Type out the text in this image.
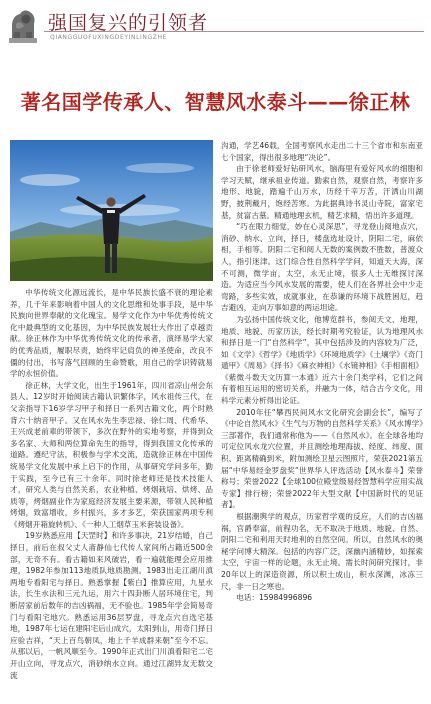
强国复兴的引领者
QIANGGUOFUXINGDEYINLINGZHE
著名国学传承人、智慧风水泰斗——徐正林

中华传统文化源远流长，是中华民族长盛不衰的理论素养，几千年来影响着中国人的文化思维和处事手段，是中华民族向世界奉献的文化瑰宝。易学文化作为中华优秀传统文化中最典型的文化基因，为中华民族发展壮大作出了卓越贡献。徐正林作为中华优秀传统文化的传承者，演绎易学大家的优秀品质，履职尽责，始终牢记肩负的神圣使命，改良不僵的付出，书写落气回顾的生命赞歌，用自己的学识铸就易学的永恒价值。

徐正林，大学文化，出生于1961年，四川省凉山州会东县人。12岁时开始阅读古籍认识繁体字，风水祖传三代，在父亲指导下16岁学习甲子和择日一系列古籍文化，两个时熟背六十纳音甲子。又在风水先生李忠禄、徐仁周、代希华、王兴成老前辈的带领下，多次在野外的实地考察，并得到众多名家、大师和两位算命先生的指导，得到我国文化传承的道路。遵纪守法，积极参与学术交流，造就徐正林在中国传统易学文化发展中承上启下的作用，从事研究学问多年，勤于实践，至今已有三十余年。同时徐老师还是技术技能人才，研究人类与自然关系，农业种植、烤烟栽培、烘烤、品质等，烤烟副业作为家庭经济发展主要来源，带领人民种植烤烟，致富增收，乡村振兴，多才多艺，荣获国家两项专利《烤烟开箱旋转机》、《一种人工烟草玉米套装设备》。

19岁熟悉应用【天罡时】和许多事决，21岁结婚，自己择日，前后在叔父丈人斋静仙七代传人家间所占籍近500余部，无奇不有。看古籍如来风破岩，看一遍就能理会应用推理，1982年参加113地质队地质勘测。1983出走江湖川滇两地专看阳宅与择日。熟悉掌握【紫白】推算应用，九星水法，长生水法和三元九运，用六十四卦断人居环境住宅，判断居家前后数年的吉凶祸福，无不验也。1985年学会简易奇门与看阳宅地穴。熟悉运用36层罗盘，寻龙点穴自选宅基地，1987年七运在建阳宅后山成穴，太阳到山，用奇门择日应验吉祥，“天上百鸟朝凤，地上千羊成群来朝”至今不忘。从那以后，一帆风顺至今。1990年正式出门川滇看阳宅二宅开山立向，寻龙点穴，消砂纳水立向。通过江湖异友无数交流

沟通，学艺46载，全国考察风水走出二十三个省市和东南亚七个国家，得出很多地理“决论”。

由于徐老师爱好钻研风水，脑海里有爱好风水的细胞和学习天赋，继承祖业传道。勤索自然，观察自然，考察许多地形、地貌，踏遍千山万水，历经千辛万苦，汗洒山川湖野，披荆戴月，饱经苦寒。为此据典诗书灵山寺院，富家宅基，贫富古墓。精通地理玄机，精艺求精，悟出许多道理。

“巧在眼力细觉，妙在心灵深思”，寻龙登山阅地点穴，消砂、纳水、立向，择日，楼盘选址设计，阴阳二宅，麻依相，手相等。阴阳二宅和阅人无数的案例数不胜数，普渡众人，指引迷津。这门综合性自然科学学问，知道天大海，深不可测，微学亩，太空，永无止境，很多人士无维探讨深造。为适应当今风水发展的需要，使人们在各界社会中少走弯路，多些实效，成就事业，在恭谦的环境下战胜困厄，趋吉避凶，走向万事如意的两运坦途。

为弘扬中国传统文化，他博览群书，参阅天文、地理，地质、地貌、历家历法，经长时期考究验证，认为地理风水和择日是一门“自然科学”，其中包括涉及的内容较为广泛，如《文学》《哲学》《地质学》《环境地质学》《土壤学》《奇门遁甲》《周易》《择书》《麻衣神相》《水镜神相》《手相面相》《紫微斗数天文历算一本通》近六十余门类学科，它们之间有着相互运用的密切关系，并融为一体，结合古今文化，用科学元素分析得出论证。

2010年任“攀西民间风水文化研究会副会长”，编写了《中论自然风水》《生气与万物的自然科学关系》《风水博学》三部著作，我们通常称他为——《自然风水》。在全球各地均可定位风水龙穴位置，并且测绘地理海拔、经度、纬度、面积、距离精确到米，附加测绘卫星云图照片，荣获2021第五届“中华易经金罗盘奖”世界华人评选活动【风水泰斗】荣誉称号；荣誉2022【全球100位殿堂级易经智慧科学应用实战专家】排行榜；荣誉2022年大型文献【中国新时代的见证者】。

根据潮舆学的观点，历家哲学观的反应，人们的吉凶福祸，官爵奉富，前程功名，无不取决于地质、地貌、自然、阴阳二宅和利用天时地利的自然空间。所以，自然风水的奥秘学问博大精深。包括的内容广泛，深幽内涵精妙，如探索太空，宇宙一样的论题，永无止境。需长时间研究探讨，非20年以上的深造资源，所以积土成山，积水深渊，冰冻三尺，非一日之寒也。

电话：15984996896
